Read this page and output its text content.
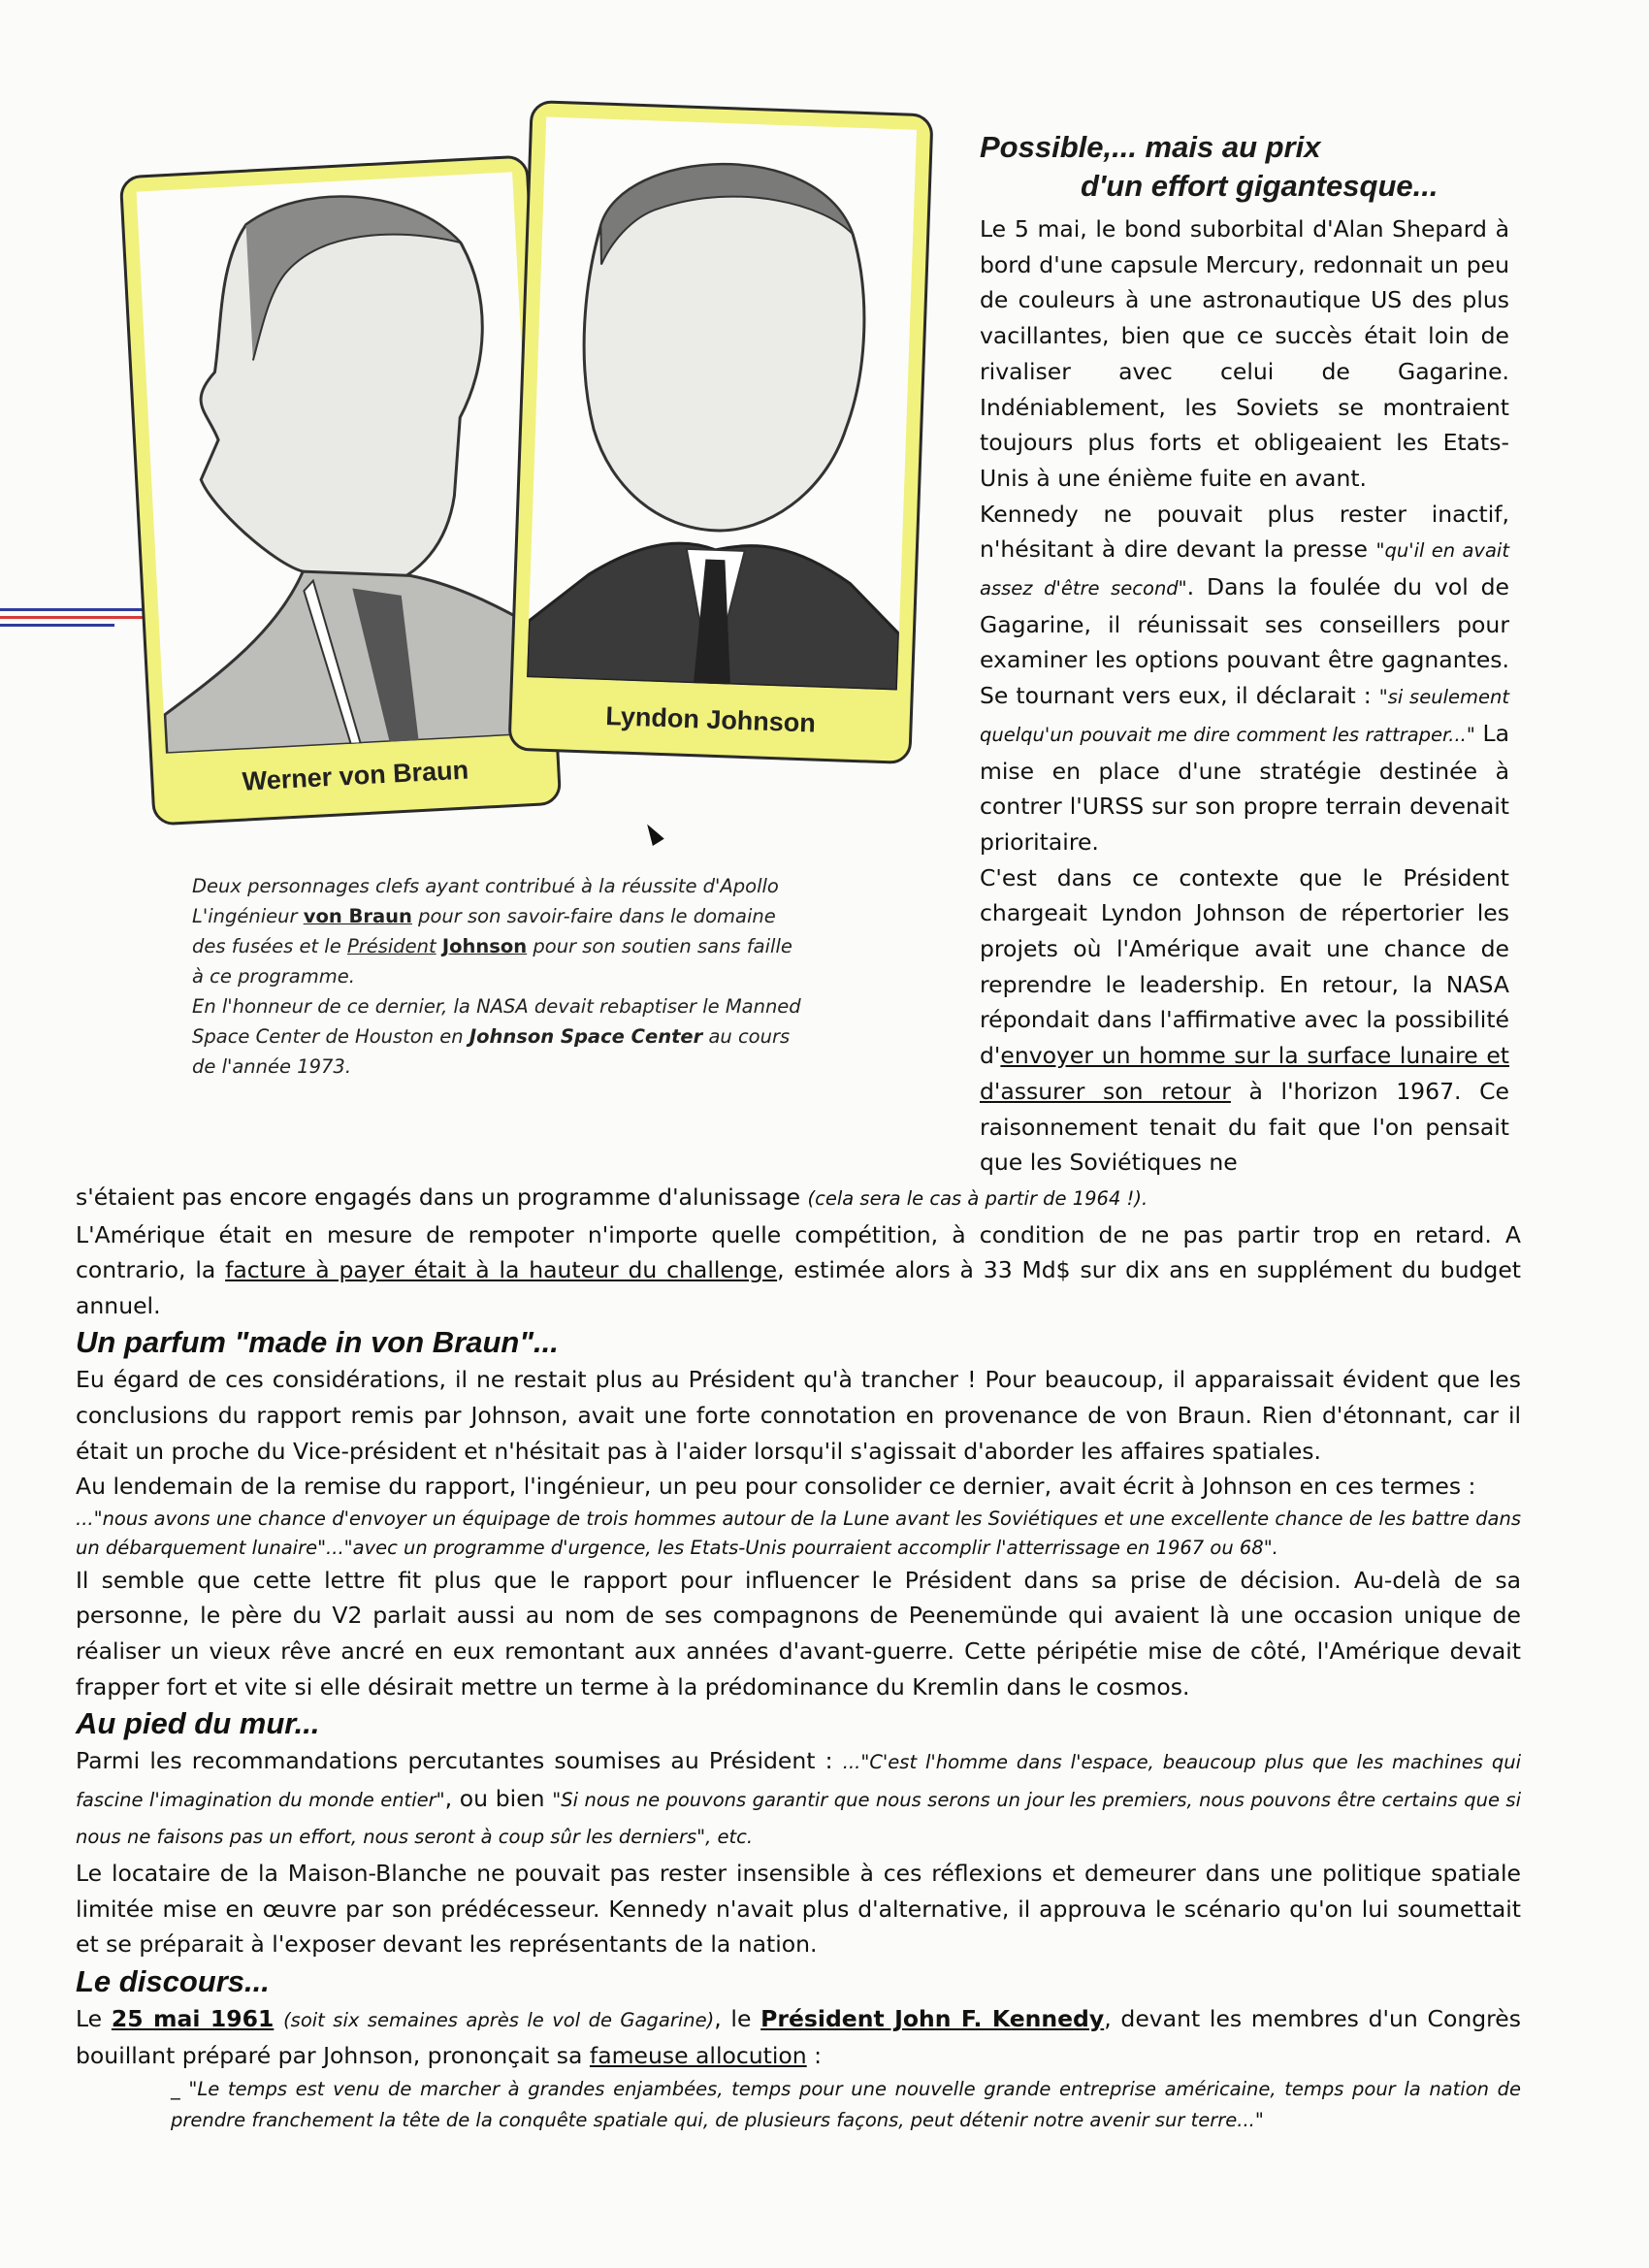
Werner von Braun
Lyndon Johnson

Deux personnages clefs ayant contribué à la réussite d'Apollo

L'ingénieur von Braun pour son savoir-faire dans le domaine des fusées et le Président Johnson pour son soutien sans faille à ce programme.

En l'honneur de ce dernier, la NASA devait rebaptiser le Manned Space Center de Houston en Johnson Space Center au cours de l'année 1973.

Possible,... mais au prix
d'un effort gigantesque...

Le 5 mai, le bond suborbital d'Alan Shepard à bord d'une capsule Mercury, redonnait un peu de couleurs à une astronautique US des plus vacillantes, bien que ce succès était loin de rivaliser avec celui de Gagarine. Indéniablement, les Soviets se montraient toujours plus forts et obligeaient les Etats-Unis à une énième fuite en avant.

Kennedy ne pouvait plus rester inactif, n'hésitant à dire devant la presse "qu'il en avait assez d'être second". Dans la foulée du vol de Gagarine, il réunissait ses conseillers pour examiner les options pouvant être gagnantes. Se tournant vers eux, il déclarait : "si seulement quelqu'un pouvait me dire comment les rattraper..." La mise en place d'une stratégie destinée à contrer l'URSS sur son propre terrain devenait prioritaire.

C'est dans ce contexte que le Président chargeait Lyndon Johnson de répertorier les projets où l'Amérique avait une chance de reprendre le leadership. En retour, la NASA répondait dans l'affirmative avec la possibilité d'envoyer un homme sur la surface lunaire et d'assurer son retour à l'horizon 1967. Ce raisonnement tenait du fait que l'on pensait que les Soviétiques ne

s'étaient pas encore engagés dans un programme d'alunissage (cela sera le cas à partir de 1964 !).

L'Amérique était en mesure de rempoter n'importe quelle compétition, à condition de ne pas partir trop en retard. A contrario, la facture à payer était à la hauteur du challenge, estimée alors à 33 Md$ sur dix ans en supplément du budget annuel.

Un parfum "made in von Braun"...

Eu égard de ces considérations, il ne restait plus au Président qu'à trancher ! Pour beaucoup, il apparaissait évident que les conclusions du rapport remis par Johnson, avait une forte connotation en provenance de von Braun. Rien d'étonnant, car il était un proche du Vice-président et n'hésitait pas à l'aider lorsqu'il s'agissait d'aborder les affaires spatiales.

Au lendemain de la remise du rapport, l'ingénieur, un peu pour consolider ce dernier, avait écrit à Johnson en ces termes :

..."nous avons une chance d'envoyer un équipage de trois hommes autour de la Lune avant les Soviétiques et une excellente chance de les battre dans un débarquement lunaire"..."avec un programme d'urgence, les Etats-Unis pourraient accomplir l'atterrissage en 1967 ou 68".

Il semble que cette lettre fit plus que le rapport pour influencer le Président dans sa prise de décision. Au-delà de sa personne, le père du V2 parlait aussi au nom de ses compagnons de Peenemünde qui avaient là une occasion unique de réaliser un vieux rêve ancré en eux remontant aux années d'avant-guerre. Cette péripétie mise de côté, l'Amérique devait frapper fort et vite si elle désirait mettre un terme à la prédominance du Kremlin dans le cosmos.

Au pied du mur...

Parmi les recommandations percutantes soumises au Président : ..."C'est l'homme dans l'espace, beaucoup plus que les machines qui fascine l'imagination du monde entier", ou bien "Si nous ne pouvons garantir que nous serons un jour les premiers, nous pouvons être certains que si nous ne faisons pas un effort, nous seront à coup sûr les derniers", etc.

Le locataire de la Maison-Blanche ne pouvait pas rester insensible à ces réflexions et demeurer dans une politique spatiale limitée mise en œuvre par son prédécesseur. Kennedy n'avait plus d'alternative, il approuva le scénario qu'on lui soumettait et se préparait à l'exposer devant les représentants de la nation.

Le discours...

Le 25 mai 1961 (soit six semaines après le vol de Gagarine), le Président John F. Kennedy, devant les membres d'un Congrès bouillant préparé par Johnson, prononçait sa fameuse allocution :

_ "Le temps est venu de marcher à grandes enjambées, temps pour une nouvelle grande entreprise américaine, temps pour la nation de prendre franchement la tête de la conquête spatiale qui, de plusieurs façons, peut détenir notre avenir sur terre..."
